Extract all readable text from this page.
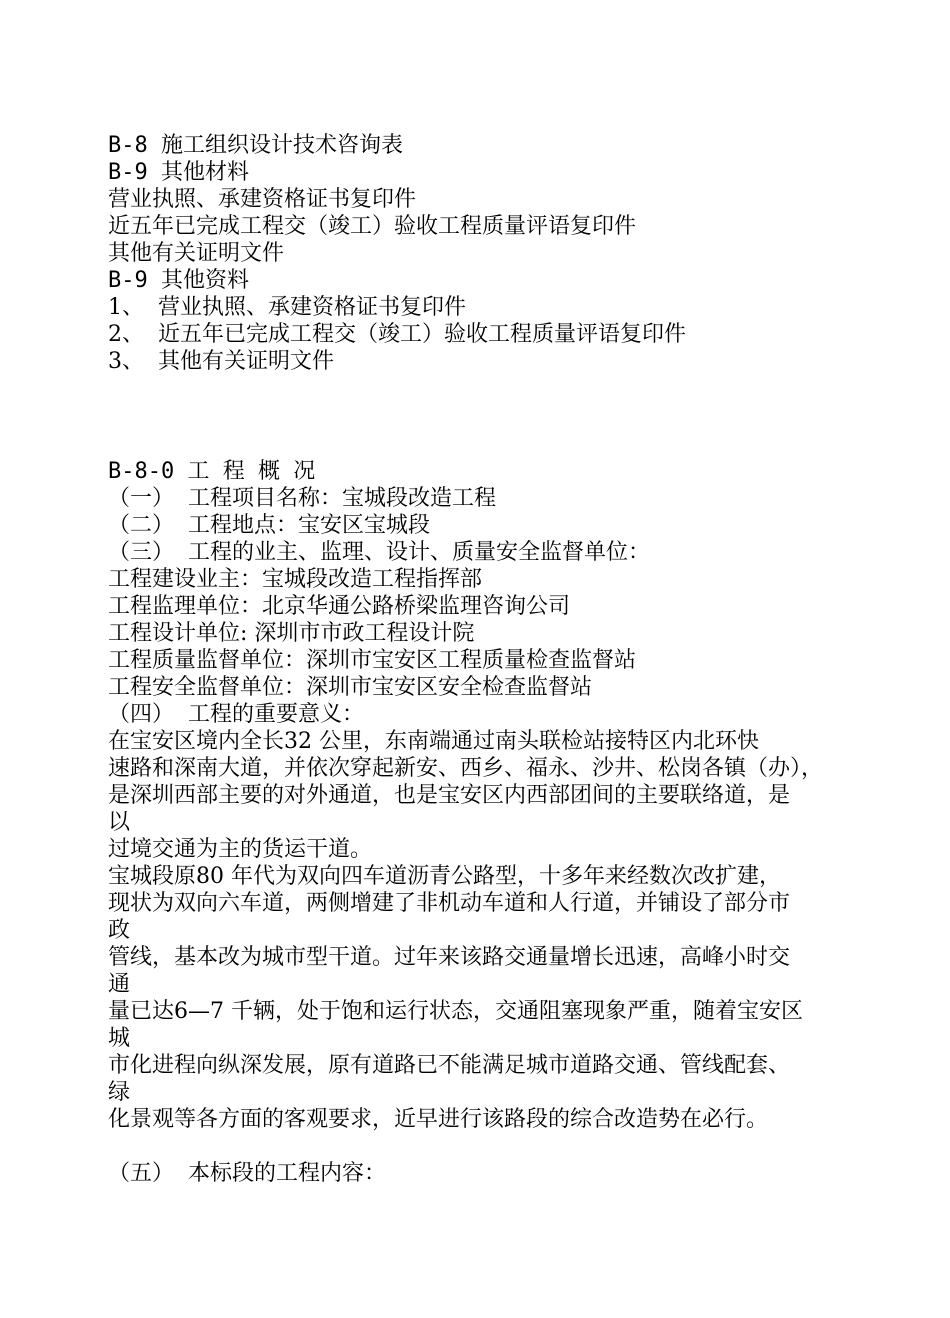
B-8 施工组织设计技术咨询表
B-9 其他材料
营业执照、承建资格证书复印件
近五年已完成工程交（竣工）验收工程质量评语复印件
其他有关证明文件
B-9 其他资料
1、  营业执照、承建资格证书复印件
2、  近五年已完成工程交（竣工）验收工程质量评语复印件
3、  其他有关证明文件
B-8-0 工 程 概 况
（一）  工程项目名称：宝城段改造工程
（二）  工程地点：宝安区宝城段
（三）  工程的业主、监理、设计、质量安全监督单位：
工程建设业主：宝城段改造工程指挥部
工程监理单位：北京华通公路桥梁监理咨询公司
工程设计单位: 深圳市市政工程设计院
工程质量监督单位：深圳市宝安区工程质量检查监督站
工程安全监督单位：深圳市宝安区安全检查监督站
（四）  工程的重要意义：
在宝安区境内全长32 公里，东南端通过南头联检站接特区内北环快
速路和深南大道，并依次穿起新安、西乡、福永、沙井、松岗各镇（办），
是深圳西部主要的对外通道，也是宝安区内西部团间的主要联络道，是
以
过境交通为主的货运干道。
宝城段原80 年代为双向四车道沥青公路型，十多年来经数次改扩建，
现状为双向六车道，两侧增建了非机动车道和人行道，并铺设了部分市
政
管线，基本改为城市型干道。过年来该路交通量增长迅速，高峰小时交
通
量已达6—7 千辆，处于饱和运行状态，交通阻塞现象严重，随着宝安区
城
市化进程向纵深发展，原有道路已不能满足城市道路交通、管线配套、
绿
化景观等各方面的客观要求，近早进行该路段的综合改造势在必行。
（五）  本标段的工程内容：
